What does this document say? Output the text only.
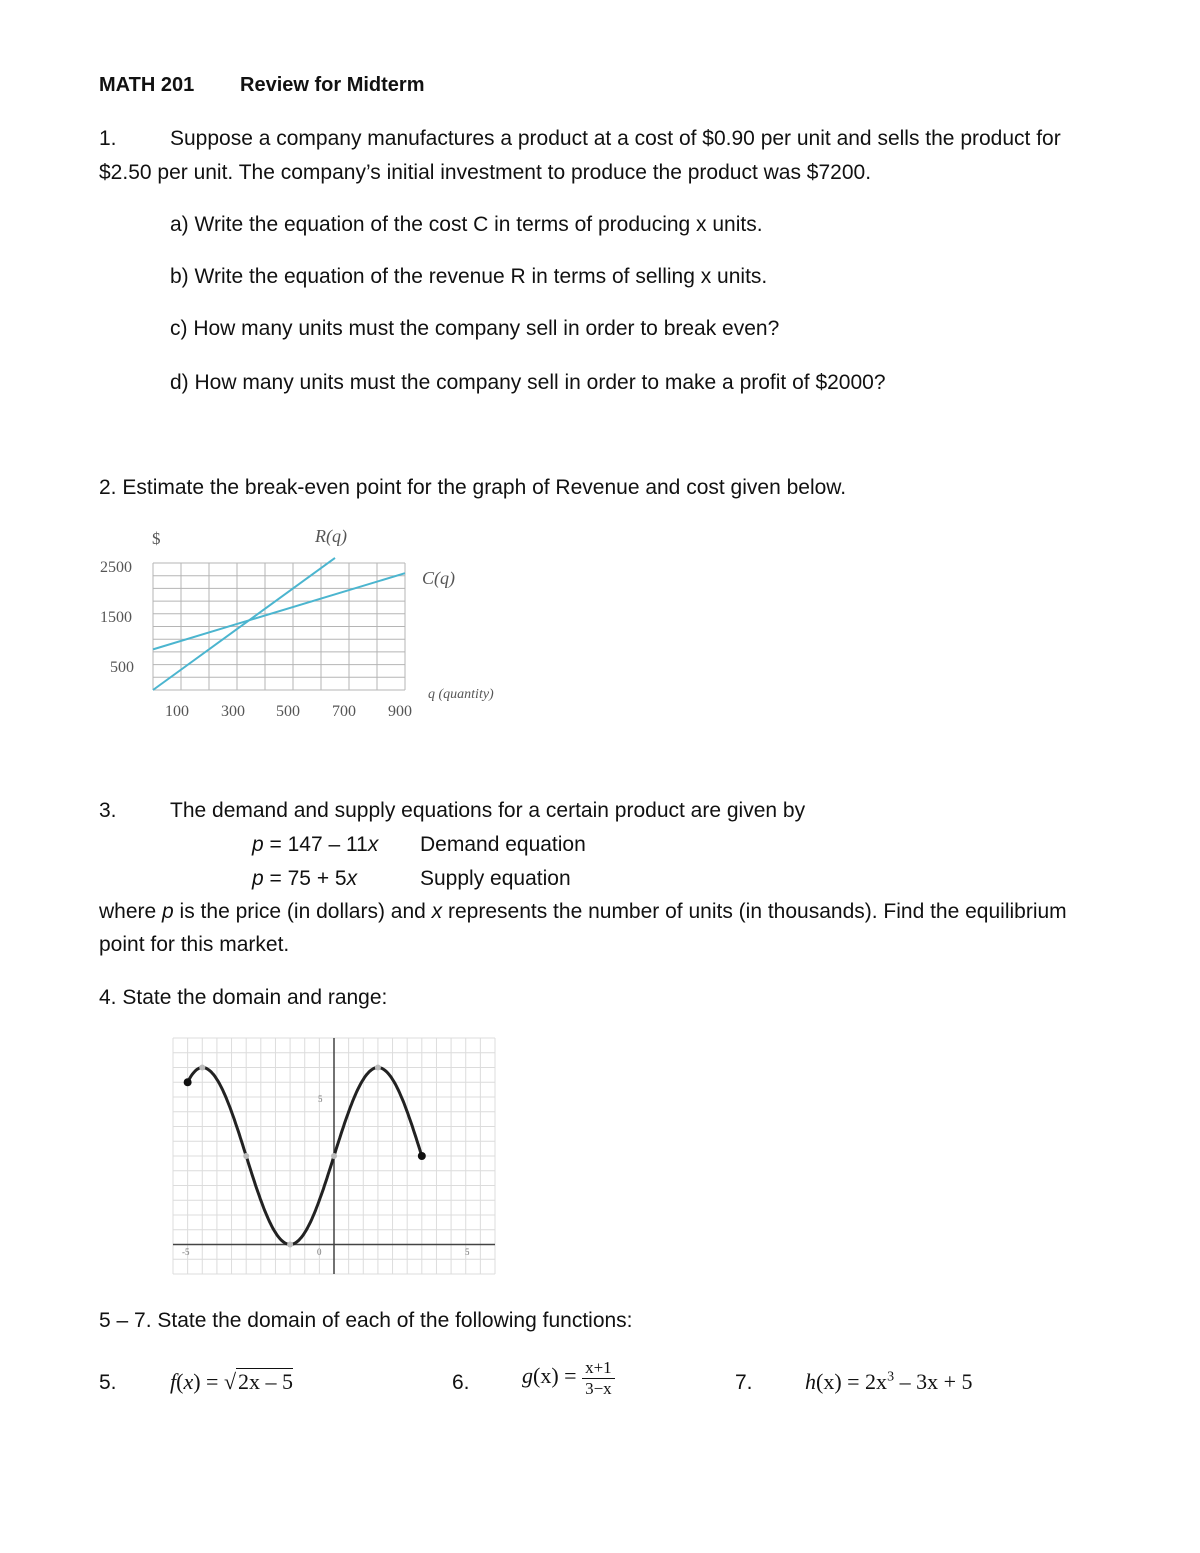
MATH 201 Review for Midterm
1.	Suppose a company manufactures a product at a cost of $0.90 per unit and sells the product for
$2.50 per unit. The company’s initial investment to produce the product was $7200.
a) Write the equation of the cost C in terms of producing x units.
b) Write the equation of the revenue R in terms of selling x units.
c) How many units must the company sell in order to break even?
d) How many units must the company sell in order to make a profit of $2000?
2. Estimate the break-even point for the graph of Revenue and cost given below.
$	R(q)
C(q)
2500
1500
500
100 300 500 700 900
q (quantity)
3.	The demand and supply equations for a certain product are given by
p = 147 – 11x Demand equation
p = 75 + 5x	Supply equation
where p is the price (in dollars) and x represents the number of units (in thousands). Find the equilibrium
point for this market.
4. State the domain and range:
-5	0	5
5
5 – 7. State the domain of each of the following functions:
5. f(x) = √2x – 5	6. $g(x) = \frac{x+1}{3-x}$	7. $h(x) = 2x^3 - 3x + 5$
